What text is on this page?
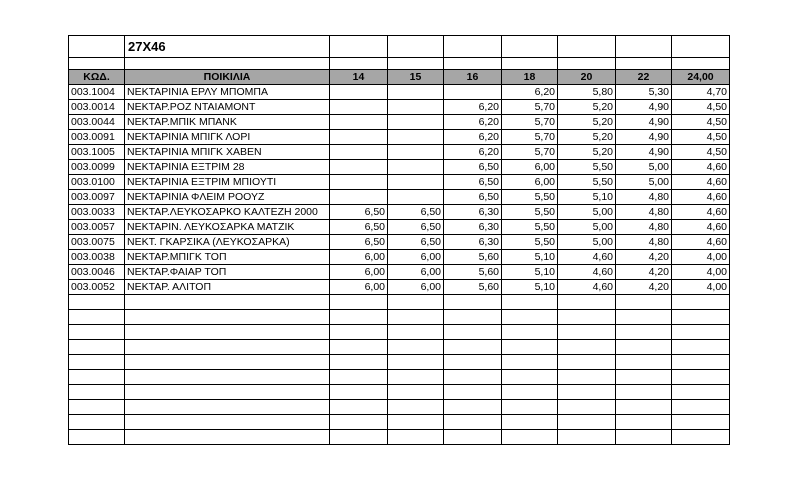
	27X46							

ΚΩΔ.	ΠΟΙΚΙΛΙΑ	14	15	16	18	20	22	24,00
003.1004	ΝΕΚΤΑΡΙΝΙΑ ΕΡΛΥ ΜΠΟΜΠΑ				6,20	5,80	5,30	4,70
003.0014	ΝΕΚΤΑΡ.ΡΟΖ ΝΤΑΙΑΜΟΝΤ			6,20	5,70	5,20	4,90	4,50
003.0044	ΝΕΚΤΑΡ.ΜΠΙΚ ΜΠΑΝΚ			6,20	5,70	5,20	4,90	4,50
003.0091	ΝΕΚΤΑΡΙΝΙΑ ΜΠΙΓΚ ΛΟΡΙ			6,20	5,70	5,20	4,90	4,50
003.1005	ΝΕΚΤΑΡΙΝΙΑ ΜΠΙΓΚ ΧΑΒΕΝ			6,20	5,70	5,20	4,90	4,50
003.0099	ΝΕΚΤΑΡΙΝΙΑ ΕΞΤΡΙΜ 28			6,50	6,00	5,50	5,00	4,60
003.0100	ΝΕΚΤΑΡΙΝΙΑ ΕΞΤΡΙΜ ΜΠΙΟΥΤΙ			6,50	6,00	5,50	5,00	4,60
003.0097	ΝΕΚΤΑΡΙΝΙΑ ΦΛΕΙΜ ΡΟΟΥΖ			6,50	5,50	5,10	4,80	4,60
003.0033	ΝΕΚΤΑΡ.ΛΕΥΚΟΣΑΡΚΟ ΚΑΛΤΕΖΗ 2000	6,50	6,50	6,30	5,50	5,00	4,80	4,60
003.0057	ΝΕΚΤΑΡΙΝ. ΛΕΥΚΟΣΑΡΚΑ ΜΑΤΖΙΚ	6,50	6,50	6,30	5,50	5,00	4,80	4,60
003.0075	ΝΕΚΤ. ΓΚΑΡΣΙΚΑ (ΛΕΥΚΟΣΑΡΚΑ)	6,50	6,50	6,30	5,50	5,00	4,80	4,60
003.0038	ΝΕΚΤΑΡ.ΜΠΙΓΚ ΤΟΠ	6,00	6,00	5,60	5,10	4,60	4,20	4,00
003.0046	ΝΕΚΤΑΡ.ΦΑΙΑΡ ΤΟΠ	6,00	6,00	5,60	5,10	4,60	4,20	4,00
003.0052	ΝΕΚΤΑΡ. ΑΛΙΤΟΠ	6,00	6,00	5,60	5,10	4,60	4,20	4,00
